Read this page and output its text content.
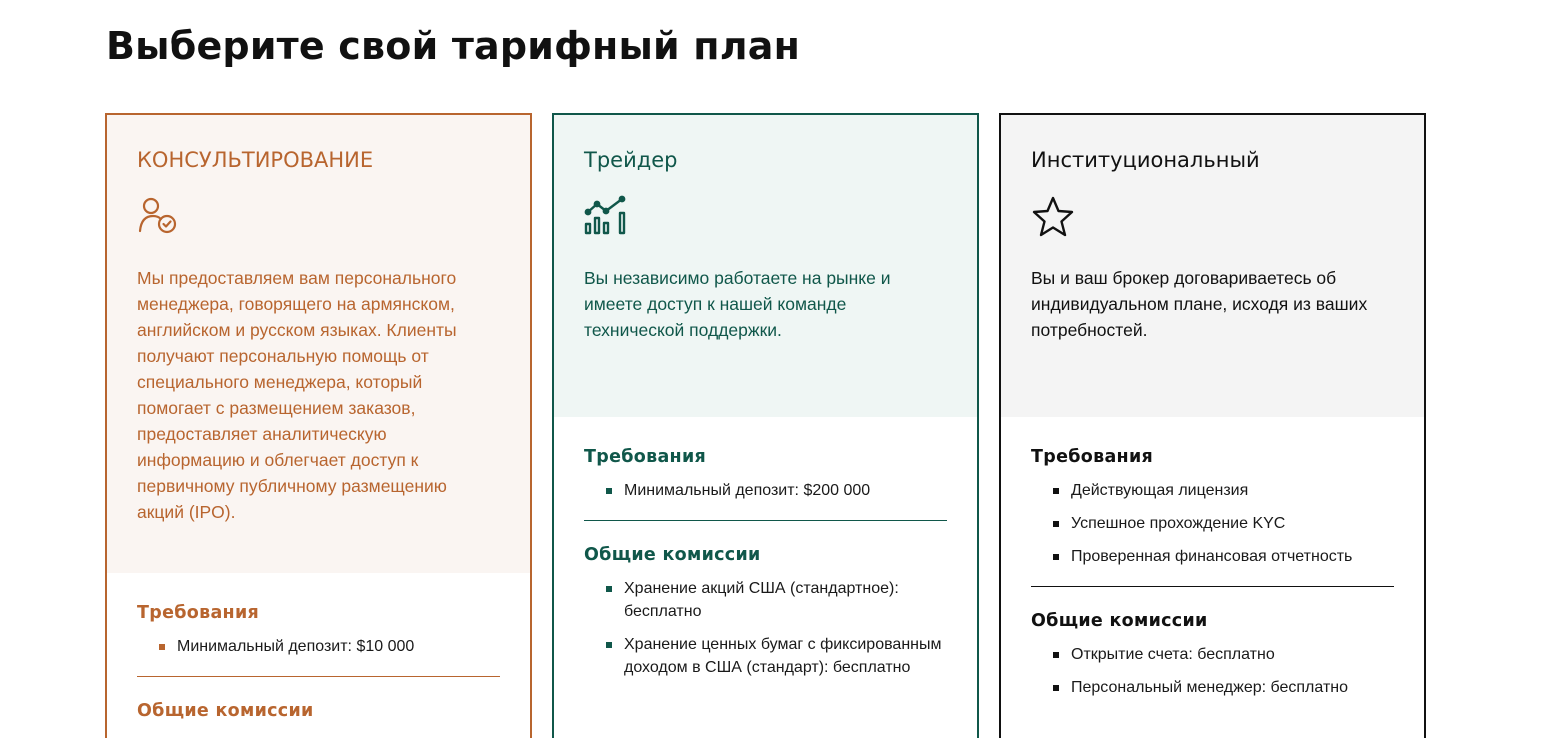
Выберите свой тарифный план
КОНСУЛЬТИРОВАНИЕ

Мы предоставляем вам персонального менеджера, говорящего на армянском, английском и русском языках. Клиенты получают персональную помощь от специального менеджера, который помогает с размещением заказов, предоставляет аналитическую информацию и облегчает доступ к первичному публичному размещению акций (IPO).

Требования
Минимальный депозит: $10 000
Общие комиссии
Трейдер

Вы независимо работаете на рынке и имеете доступ к нашей команде технической поддержки.

Требования
Минимальный депозит: $200 000
Общие комиссии
Хранение акций США (стандартное): бесплатно
Хранение ценных бумаг с фиксированным доходом в США (стандарт): бесплатно
Институциональный

Вы и ваш брокер договариваетесь об индивидуальном плане, исходя из ваших потребностей.

Требования
Действующая лицензия
Успешное прохождение KYC
Проверенная финансовая отчетность
Общие комиссии
Открытие счета: бесплатно
Персональный менеджер: бесплатно
